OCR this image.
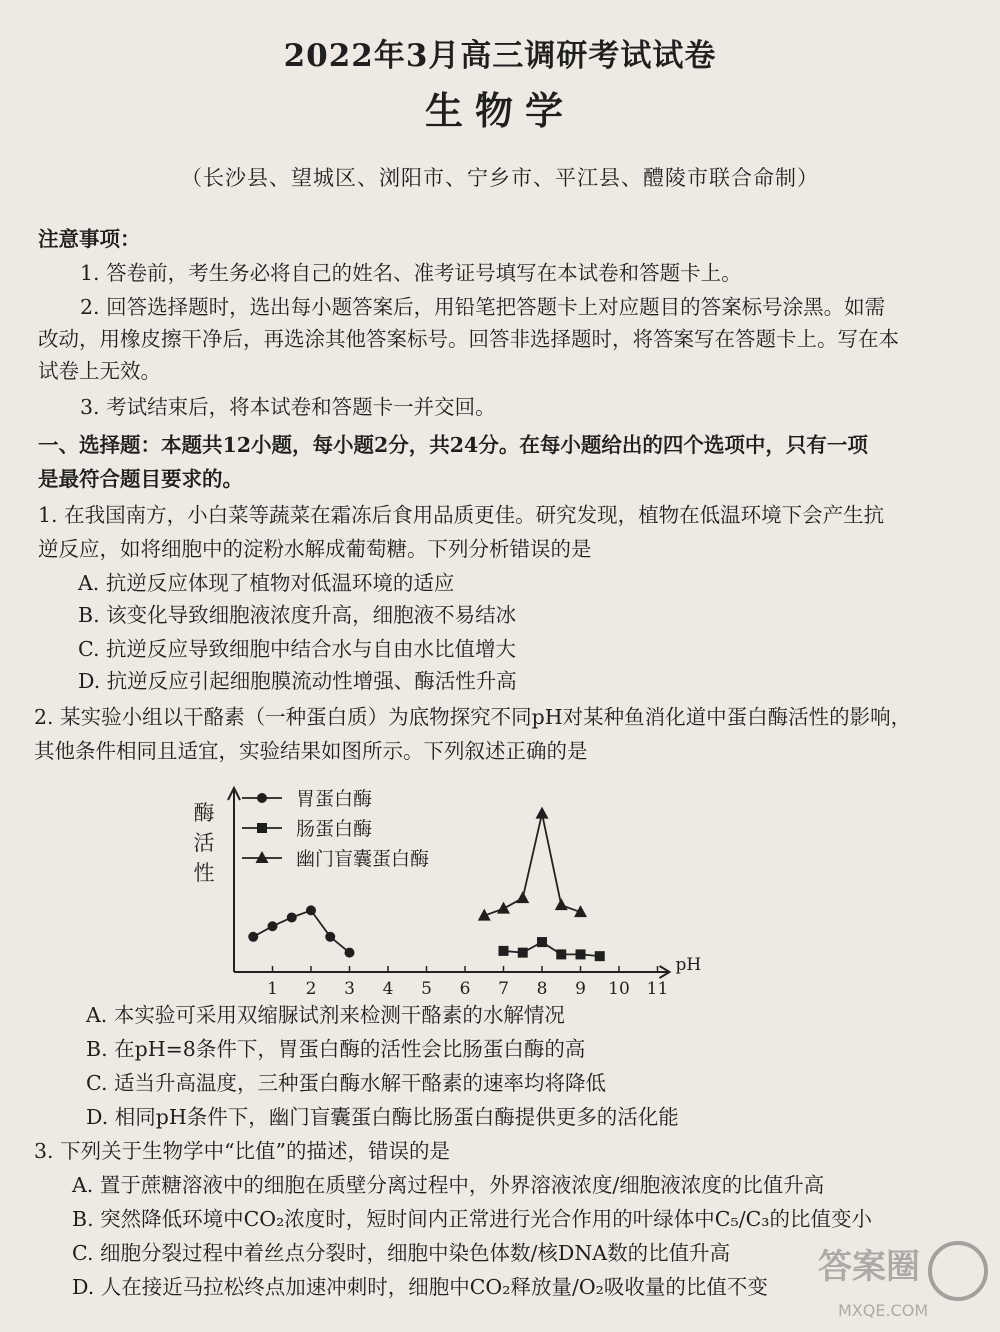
2022年3月高三调研考试试卷
生物学
（长沙县、望城区、浏阳市、宁乡市、平江县、醴陵市联合命制）
注意事项：
1. 答卷前，考生务必将自己的姓名、准考证号填写在本试卷和答题卡上。
2. 回答选择题时，选出每小题答案后，用铅笔把答题卡上对应题目的答案标号涂黑。如需
改动，用橡皮擦干净后，再选涂其他答案标号。回答非选择题时，将答案写在答题卡上。写在本
试卷上无效。
3. 考试结束后，将本试卷和答题卡一并交回。
一、选择题：本题共12小题，每小题2分，共24分。在每小题给出的四个选项中，只有一项
是最符合题目要求的。
1. 在我国南方，小白菜等蔬菜在霜冻后食用品质更佳。研究发现，植物在低温环境下会产生抗
逆反应，如将细胞中的淀粉水解成葡萄糖。下列分析错误的是
A. 抗逆反应体现了植物对低温环境的适应
B. 该变化导致细胞液浓度升高，细胞液不易结冰
C. 抗逆反应导致细胞中结合水与自由水比值增大
D. 抗逆反应引起细胞膜流动性增强、酶活性升高
2. 某实验小组以干酪素（一种蛋白质）为底物探究不同pH对某种鱼消化道中蛋白酶活性的影响，
其他条件相同且适宜，实验结果如图所示。下列叙述正确的是
1 2 3 4 5 6 7 8 9 10 11
pH
酶
活
性
胃蛋白酶
肠蛋白酶
幽门盲囊蛋白酶
A. 本实验可采用双缩脲试剂来检测干酪素的水解情况
B. 在pH=8条件下，胃蛋白酶的活性会比肠蛋白酶的高
C. 适当升高温度，三种蛋白酶水解干酪素的速率均将降低
D. 相同pH条件下，幽门盲囊蛋白酶比肠蛋白酶提供更多的活化能
3. 下列关于生物学中“比值”的描述，错误的是
A. 置于蔗糖溶液中的细胞在质壁分离过程中，外界溶液浓度/细胞液浓度的比值升高
B. 突然降低环境中CO₂浓度时，短时间内正常进行光合作用的叶绿体中C₅/C₃的比值变小
C. 细胞分裂过程中着丝点分裂时，细胞中染色体数/核DNA数的比值升高
D. 人在接近马拉松终点加速冲刺时，细胞中CO₂释放量/O₂吸收量的比值不变 答案圈
MXQE.COM
